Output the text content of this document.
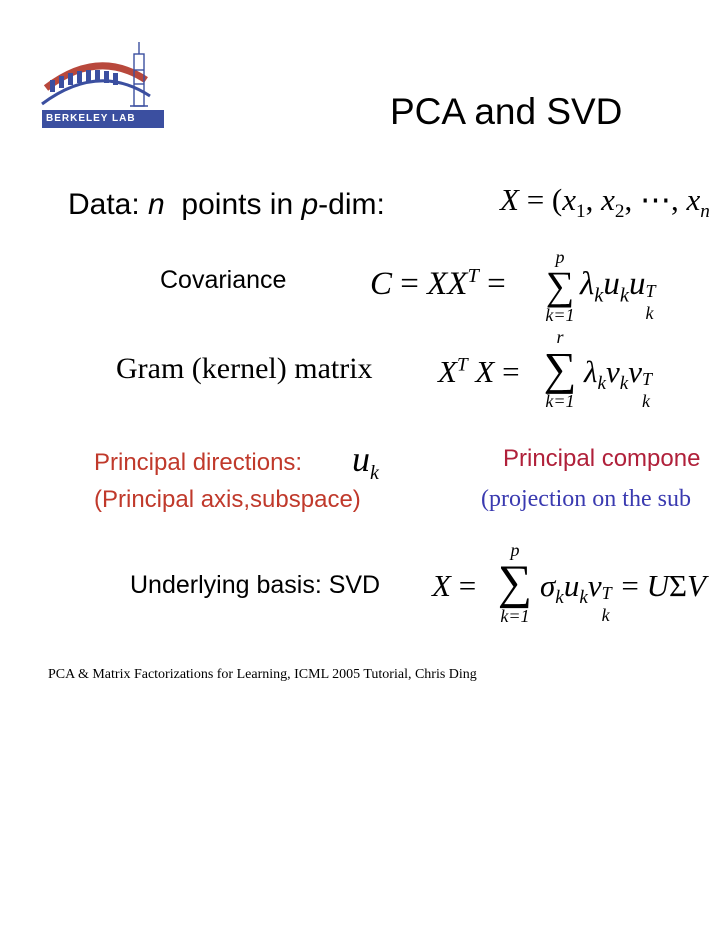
BERKELEY LAB	PCA and SVD
Data: n  points in p-dim:	$X = (x_1$, $x_2$, ⋯, $x_n$
Covariance	$C = XX^T$ =
p
∑
k=1
$\lambda_ku_ku$ T
k
Gram (kernel) matrix $X^T$ X =
r
∑
k=1
$\lambda_kv_kv$ T
k
Principal directions: $u_k$
(Principal axis,subspace)
Principal compone
(projection on the sub
Underlying basis: SVD X =
p
∑
k=1
$\sigma_ku_kv$ T
k
= UΣV
PCA & Matrix Factorizations for Learning, ICML 2005 Tutorial, Chris Ding
